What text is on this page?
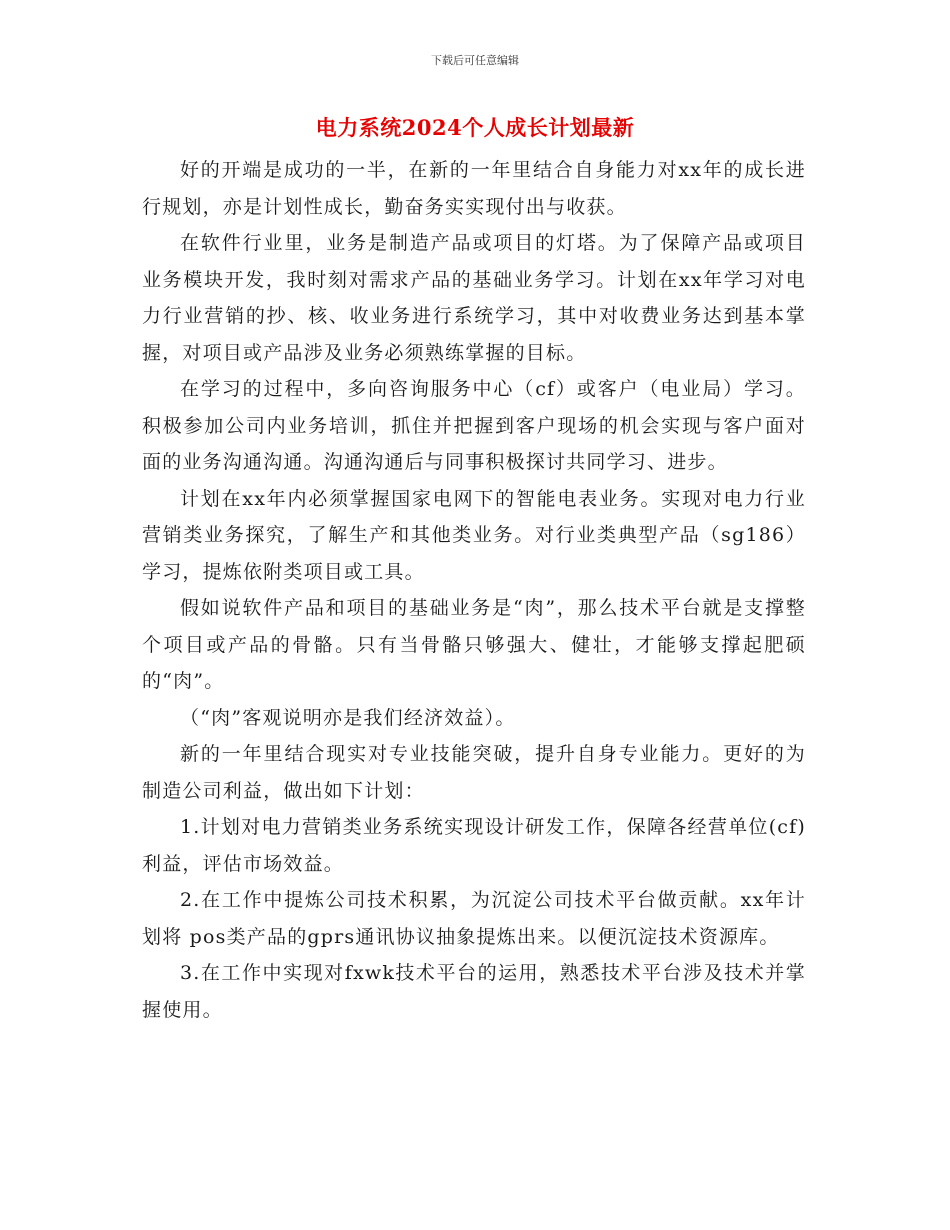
下载后可任意编辑
电力系统2024个人成长计划最新

好的开端是成功的一半，在新的一年里结合自身能力对xx年的成长进行规划，亦是计划性成长，勤奋务实实现付出与收获。

在软件行业里，业务是制造产品或项目的灯塔。为了保障产品或项目业务模块开发，我时刻对需求产品的基础业务学习。计划在xx年学习对电力行业营销的抄、核、收业务进行系统学习，其中对收费业务达到基本掌握，对项目或产品涉及业务必须熟练掌握的目标。

在学习的过程中，多向咨询服务中心（cf）或客户（电业局）学习。积极参加公司内业务培训，抓住并把握到客户现场的机会实现与客户面对面的业务沟通沟通。沟通沟通后与同事积极探讨共同学习、进步。

计划在xx年内必须掌握国家电网下的智能电表业务。实现对电力行业营销类业务探究，了解生产和其他类业务。对行业类典型产品（sg186）学习，提炼依附类项目或工具。

假如说软件产品和项目的基础业务是“肉”，那么技术平台就是支撑整个项目或产品的骨骼。只有当骨骼只够强大、健壮，才能够支撑起肥硕的“肉”。

（“肉”客观说明亦是我们经济效益）。

新的一年里结合现实对专业技能突破，提升自身专业能力。更好的为制造公司利益，做出如下计划：

1.计划对电力营销类业务系统实现设计研发工作，保障各经营单位(cf)利益，评估市场效益。

2.在工作中提炼公司技术积累，为沉淀公司技术平台做贡献。xx年计划将 pos类产品的gprs通讯协议抽象提炼出来。以便沉淀技术资源库。

3.在工作中实现对fxwk技术平台的运用，熟悉技术平台涉及技术并掌握使用。
